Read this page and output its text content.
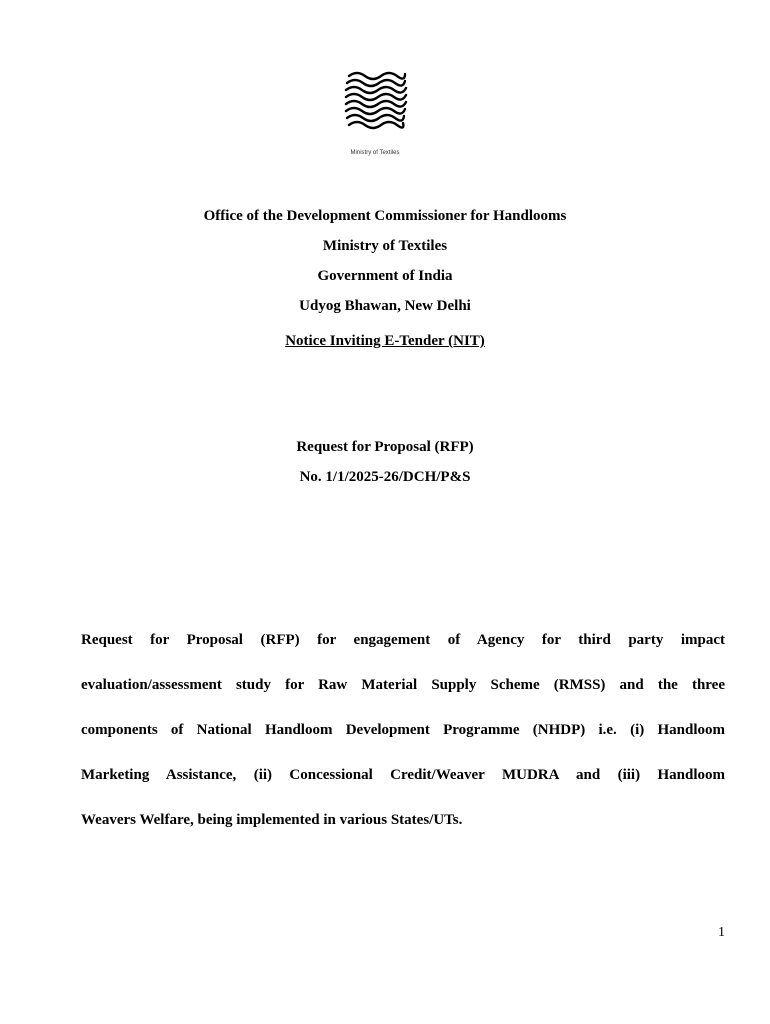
Ministry of Textiles
Office of the Development Commissioner for Handlooms
Ministry of Textiles
Government of India
Udyog Bhawan, New Delhi
Notice Inviting E-Tender (NIT)
Request for Proposal (RFP)
No. 1/1/2025-26/DCH/P&S

Request for Proposal (RFP) for engagement of Agency for third party impact

evaluation/assessment study for Raw Material Supply Scheme (RMSS) and the three

components of National Handloom Development Programme (NHDP) i.e. (i) Handloom

Marketing Assistance, (ii) Concessional Credit/Weaver MUDRA and (iii) Handloom

Weavers Welfare, being implemented in various States/UTs.

1
